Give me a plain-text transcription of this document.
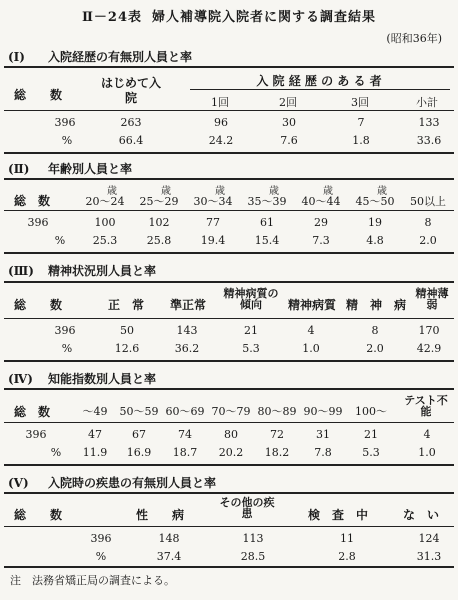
Ⅱ－24表 婦人補導院入院者に関する調査結果
(昭和36年)
(Ⅰ) 入院経歴の有無別人員と率
総　　数
はじめて入　　院
入 院 経 歴 の あ る 者
1回	2回	3回	小計
396	263	96	30	7	133
%	66.4	24.2	7.6	1.8	33.6
(Ⅱ) 年齢別人員と率
総　数
歳	歳	歳	歳	歳	歳
20～24	25～29	30～34	35～39	40～44	45～50	50以上
396	100	102	77	61	29	19	8
%	25.3	25.8	19.4	15.4	7.3	4.8	2.0
(Ⅲ) 精神状況別人員と率
総　　数	正　常	準正常
精神病質の傾向	精神病質 精　神　病
精神薄弱
396	50	143	21	4	8	170
%	12.6	36.2	5.3	1.0	2.0	42.9
(Ⅳ) 知能指数別人員と率
総　数	～49	50～59 60～69 70～79 80～89 90～99	100～
テスト不能
396	47	67	74	80	72	31	21	4
%	11.9	16.9	18.7	20.2	18.2	7.8	5.3	1.0
(Ⅴ) 入院時の疾患の有無別人員と率
総　　数	性　　病
その他の疾　患	検　査　中	な　い
396	148	113	11	124
%	37.4	28.5	2.8	31.3
注　法務省矯正局の調査による。
